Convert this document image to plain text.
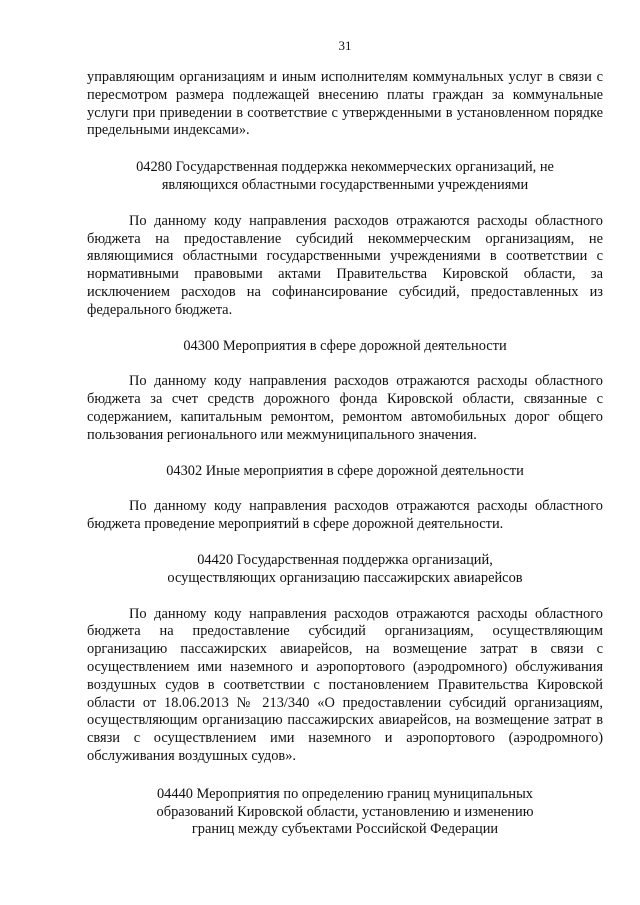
31

управляющим организациям и иным исполнителям коммунальных услуг в связи с пересмотром размера подлежащей внесению платы граждан за коммунальные услуги при приведении в соответствие с утвержденными в установленном порядке предельными индексами».

04280 Государственная поддержка некоммерческих организаций, не
являющихся областными государственными учреждениями

По данному коду направления расходов отражаются расходы областного бюджета на предоставление субсидий некоммерческим организациям, не являющимися областными государственными учреждениями в соответствии с нормативными правовыми актами Правительства Кировской области, за исключением расходов на софинансирование субсидий, предоставленных из федерального бюджета.

04300 Мероприятия в сфере дорожной деятельности

По данному коду направления расходов отражаются расходы областного бюджета за счет средств дорожного фонда Кировской области, связанные с содержанием, капитальным ремонтом, ремонтом автомобильных дорог общего пользования регионального или межмуниципального значения.

04302 Иные мероприятия в сфере дорожной деятельности

По данному коду направления расходов отражаются расходы областного бюджета проведение мероприятий в сфере дорожной деятельности.

04420 Государственная поддержка организаций,
осуществляющих организацию пассажирских авиарейсов

По данному коду направления расходов отражаются расходы областного бюджета на предоставление субсидий организациям, осуществляющим организацию пассажирских авиарейсов, на возмещение затрат в связи с осуществлением ими наземного и аэропортового (аэродромного) обслуживания воздушных судов в соответствии с постановлением Правительства Кировской области от 18.06.2013 № 213/340 «О предоставлении субсидий организациям, осуществляющим организацию пассажирских авиарейсов, на возмещение затрат в связи с осуществлением ими наземного и аэропортового (аэродромного) обслуживания воздушных судов».

04440 Мероприятия по определению границ муниципальных
образований Кировской области, установлению и изменению
границ между субъектами Российской Федерации
